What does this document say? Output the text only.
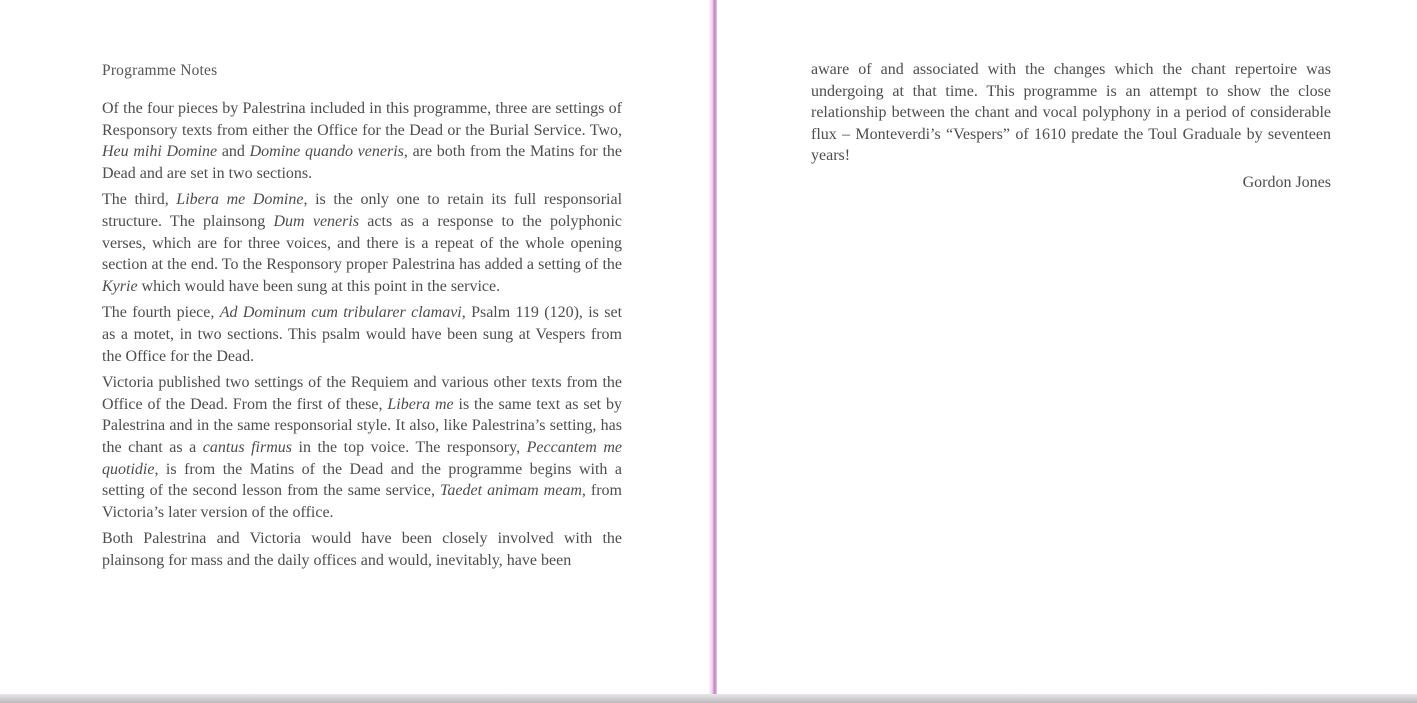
Programme Notes

Of the four pieces by Palestrina included in this programme, three are settings of Responsory texts from either the Office for the Dead or the Burial Service. Two, Heu mihi Domine and Domine quando veneris, are both from the Matins for the Dead and are set in two sections.

The third, Libera me Domine, is the only one to retain its full responsorial structure. The plainsong Dum veneris acts as a response to the polyphonic verses, which are for three voices, and there is a repeat of the whole opening section at the end. To the Responsory proper Palestrina has added a setting of the Kyrie which would have been sung at this point in the service.

The fourth piece, Ad Dominum cum tribularer clamavi, Psalm 119 (120), is set as a motet, in two sections. This psalm would have been sung at Vespers from the Office for the Dead.

Victoria published two settings of the Requiem and various other texts from the Office of the Dead. From the first of these, Libera me is the same text as set by Palestrina and in the same responsorial style. It also, like Palestrina’s setting, has the chant as a cantus firmus in the top voice. The responsory, Peccantem me quotidie, is from the Matins of the Dead and the programme begins with a setting of the second lesson from the same service, Taedet animam meam, from Victoria’s later version of the office.

Both Palestrina and Victoria would have been closely involved with the plainsong for mass and the daily offices and would, inevitably, have been

aware of and associated with the changes which the chant repertoire was undergoing at that time. This programme is an attempt to show the close relationship between the chant and vocal polyphony in a period of considerable flux – Monteverdi’s “Vespers” of 1610 predate the Toul Graduale by seventeen years!

Gordon Jones
